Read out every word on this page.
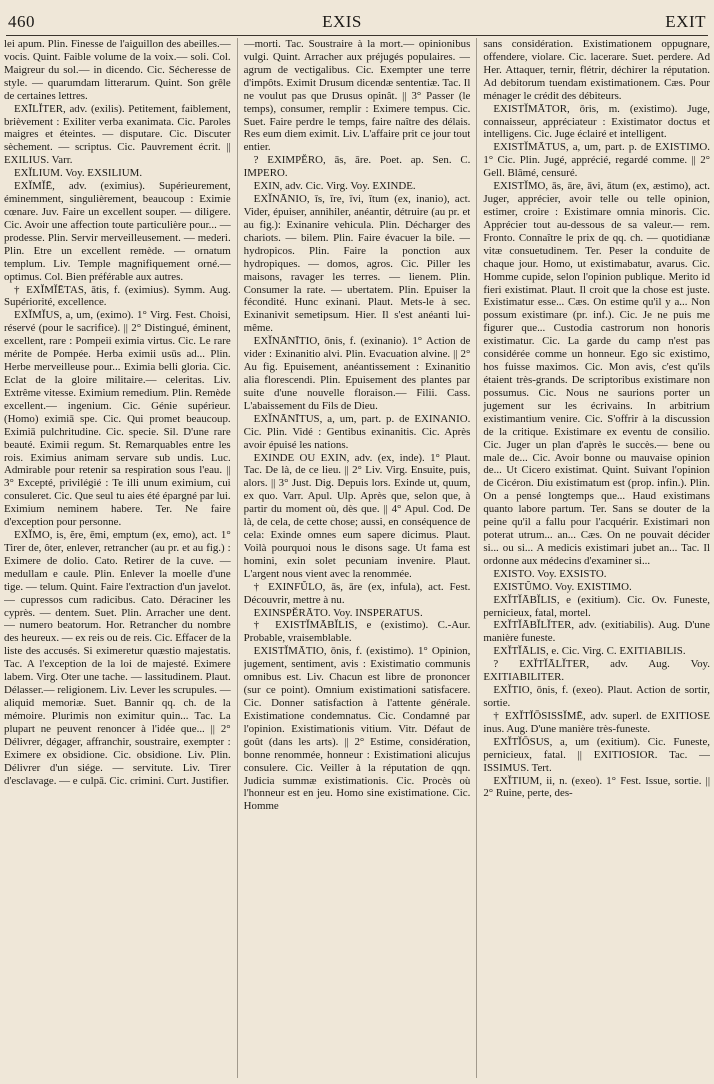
460	EXIS	EXIT

lei apum. Plin. Finesse de l'aiguillon des abeilles.— vocis. Quint. Faible volume de la voix.— soli. Col. Maigreur du sol.— in dicendo. Cic. Sécheresse de style. — quarumdam litterarum. Quint. Son grêle de certaines lettres.

EXĪLĬTER, adv. (exilis). Petitement, faiblement, brièvement : Exiliter verba exanimata. Cic. Paroles maigres et éteintes. — disputare. Cic. Discuter sèchement. — scriptus. Cic. Pauvrement écrit. || EXILIUS. Varr.

EXĬLIUM. Voy. EXSILIUM.

EXĬMĬĒ, adv. (eximius). Supérieurement, éminemment, singulièrement, beaucoup : Eximie cœnare. Juv. Faire un excellent souper. — diligere. Cic. Avoir une affection toute particulière pour... — prodesse. Plin. Servir merveilleusement. — mederi. Plin. Etre un excellent remède. — ornatum templum. Liv. Temple magnifiquement orné.— optimus. Col. Bien préférable aux autres.

† EXĬMĬĒTAS, ātis, f. (eximius). Symm. Aug. Supériorité, excellence.

EXĬMĬUS, a, um, (eximo). 1° Virg. Fest. Choisi, réservé (pour le sacrifice). || 2° Distingué, éminent, excellent, rare : Pompeii eximia virtus. Cic. Le rare mérite de Pompée. Herba eximii usūs ad... Plin. Herbe merveilleuse pour... Eximia belli gloria. Cic. Eclat de la gloire militaire.— celeritas. Liv. Extrême vitesse. Eximium remedium. Plin. Remède excellent.— ingenium. Cic. Génie supérieur. (Homo) eximiā spe. Cic. Qui promet beaucoup. Eximiā pulchritudine. Cic. specie. Sil. D'une rare beauté. Eximii regum. St. Remarquables entre les rois. Eximius animam servare sub undis. Luc. Admirable pour retenir sa respiration sous l'eau. || 3° Excepté, privilégié : Te illi unum eximium, cui consuleret. Cic. Que seul tu aies été épargné par lui. Eximium neminem habere. Ter. Ne faire d'exception pour personne.

EXĬMO, is, ĕre, ēmi, emptum (ex, emo), act. 1° Tirer de, ôter, enlever, retrancher (au pr. et au fig.) : Eximere de dolio. Cato. Retirer de la cuve. — medullam e caule. Plin. Enlever la moelle d'une tige. — telum. Quint. Faire l'extraction d'un javelot. — cupressos cum radicibus. Cato. Déraciner les cyprès. — dentem. Suet. Plin. Arracher une dent. — numero beatorum. Hor. Retrancher du nombre des heureux. — ex reis ou de reis. Cic. Effacer de la liste des accusés. Si eximeretur quæstio majestatis. Tac. A l'exception de la loi de majesté. Eximere labem. Virg. Oter une tache. — lassitudinem. Plaut. Délasser.— religionem. Liv. Lever les scrupules. — aliquid memoriæ. Suet. Bannir qq. ch. de la mémoire. Plurimis non eximitur quin... Tac. La plupart ne peuvent renoncer à l'idée que... || 2° Délivrer, dégager, affranchir, soustraire, exempter : Eximere ex obsidione. Cic. obsidione. Liv. Plin. Délivrer d'un siége. — servitute. Liv. Tirer d'esclavage. — e culpā. Cic. crimini. Curt. Justifier.

—morti. Tac. Soustraire à la mort.— opinionibus vulgi. Quint. Arracher aux préjugés populaires. — agrum de vectigalibus. Cic. Exempter une terre d'impôts. Eximit Drusum dicendæ sententiæ. Tac. Il ne voulut pas que Drusus opinât. || 3° Passer (le temps), consumer, remplir : Eximere tempus. Cic. Suet. Faire perdre le temps, faire naître des délais. Res eum diem eximit. Liv. L'affaire prit ce jour tout entier.

? EXIMPĔRO, ās, āre. Poet. ap. Sen. C. IMPERO.

EXIN, adv. Cic. Virg. Voy. EXINDE.

EXĬNĀNIO, īs, īre, īvi, ītum (ex, inanio), act. Vider, épuiser, annihiler, anéantir, détruire (au pr. et au fig.): Exinanire vehicula. Plin. Décharger des chariots. — bilem. Plin. Faire évacuer la bile. — hydropicos. Plin. Faire la ponction aux hydropiques. — domos, agros. Cic. Piller les maisons, ravager les terres. — lienem. Plin. Consumer la rate. — ubertatem. Plin. Epuiser la fécondité. Hunc exinani. Plaut. Mets-le à sec. Exinanivit semetipsum. Hier. Il s'est anéanti lui-même.

EXĬNĀNĪTIO, ōnis, f. (exinanio). 1° Action de vider : Exinanitio alvi. Plin. Evacuation alvine. || 2° Au fig. Epuisement, anéantissement : Exinanitio alia florescendi. Plin. Epuisement des plantes par suite d'une nouvelle floraison.— Filii. Cass. L'abaissement du Fils de Dieu.

EXĬNĀNĪTUS, a, um, part. p. de EXINANIO. Cic. Plin. Vidé : Gentibus exinanitis. Cic. Après avoir épuisé les nations.

EXINDE OU EXIN, adv. (ex, inde). 1° Plaut. Tac. De là, de ce lieu. || 2° Liv. Virg. Ensuite, puis, alors. || 3° Just. Dig. Depuis lors. Exinde ut, quum, ex quo. Varr. Apul. Ulp. Après que, selon que, à partir du moment où, dès que. || 4° Apul. Cod. De là, de cela, de cette chose; aussi, en conséquence de cela: Exinde omnes eum sapere dicimus. Plaut. Voilà pourquoi nous le disons sage. Ut fama est homini, exin solet pecuniam invenire. Plaut. L'argent nous vient avec la renommée.

† EXINFŬLO, ās, āre (ex, infula), act. Fest. Découvrir, mettre à nu.

EXINSPĔRĀTO. Voy. INSPERATUS.

† EXISTĬMĀBĬLIS, e (existimo). C.-Aur. Probable, vraisemblable.

EXISTĬMĀTIO, ōnis, f. (existimo). 1° Opinion, jugement, sentiment, avis : Existimatio communis omnibus est. Liv. Chacun est libre de prononcer (sur ce point). Omnium existimationi satisfacere. Cic. Donner satisfaction à l'attente générale. Existimatione condemnatus. Cic. Condamné par l'opinion. Existimationis vitium. Vitr. Défaut de goût (dans les arts). || 2° Estime, considération, bonne renommée, honneur : Existimationi alicujus consulere. Cic. Veiller à la réputation de qqn. Judicia summæ existimationis. Cic. Procès où l'honneur est en jeu. Homo sine existimatione. Cic. Homme

sans considération. Existimationem oppugnare, offendere, violare. Cic. lacerare. Suet. perdere. Ad Her. Attaquer, ternir, flétrir, déchirer la réputation. Ad debitorum tuendam existimationem. Cæs. Pour ménager le crédit des débiteurs.

EXISTĬMĀTOR, ōris, m. (existimo). Juge, connaisseur, appréciateur : Existimator doctus et intelligens. Cic. Juge éclairé et intelligent.

EXISTĬMĀTUS, a, um, part. p. de EXISTIMO. 1° Cic. Plin. Jugé, apprécié, regardé comme. || 2° Gell. Blâmé, censuré.

EXISTĬMO, ās, āre, āvi, ātum (ex, æstimo), act. Juger, apprécier, avoir telle ou telle opinion, estimer, croire : Existimare omnia minoris. Cic. Apprécier tout au-dessous de sa valeur.— rem. Fronto. Connaître le prix de qq. ch. — quotidianæ vitæ consuetudinem. Ter. Peser la conduite de chaque jour. Homo, ut existimabatur, avarus. Cic. Homme cupide, selon l'opinion publique. Merito id fieri existimat. Plaut. Il croit que la chose est juste. Existimatur esse... Cæs. On estime qu'il y a... Non possum existimare (pr. inf.). Cic. Je ne puis me figurer que... Custodia castrorum non honoris existimatur. Cic. La garde du camp n'est pas considérée comme un honneur. Ego sic existimo, hos fuisse maximos. Cic. Mon avis, c'est qu'ils étaient très-grands. De scriptoribus existimare non possumus. Cic. Nous ne saurions porter un jugement sur les écrivains. In arbitrium existimantium venire. Cic. S'offrir à la discussion de la critique. Existimare ex eventu de consilio. Cic. Juger un plan d'après le succès.— bene ou male de... Cic. Avoir bonne ou mauvaise opinion de... Ut Cicero existimat. Quint. Suivant l'opinion de Cicéron. Diu existimatum est (prop. infin.). Plin. On a pensé longtemps que... Haud existimans quanto labore partum. Ter. Sans se douter de la peine qu'il a fallu pour l'acquérir. Existimari non poterat utrum... an... Cæs. On ne pouvait décider si... ou si... A medicis existimari jubet an... Tac. Il ordonne aux médecins d'examiner si...

EXISTO. Voy. EXSISTO.

EXISTŬMO. Voy. EXISTIMO.

EXĬTĬĀBĬLIS, e (exitium). Cic. Ov. Funeste, pernicieux, fatal, mortel.

EXĬTĬĀBĬLĬTER, adv. (exitiabilis). Aug. D'une manière funeste.

EXĬTĬĀLIS, e. Cic. Virg. C. EXITIABILIS.

? EXĬTĬĀLĬTER, adv. Aug. Voy. EXITIABILITER.

EXĬTIO, ōnis, f. (exeo). Plaut. Action de sortir, sortie.

† EXĬTĬŌSISSĬMĒ, adv. superl. de EXITIOSE inus. Aug. D'une manière très-funeste.

EXĬTĬŌSUS, a, um (exitium). Cic. Funeste, pernicieux, fatal. || EXITIOSIOR. Tac. — ISSIMUS. Tert.

EXĬTIUM, ii, n. (exeo). 1° Fest. Issue, sortie. || 2° Ruine, perte, des-
